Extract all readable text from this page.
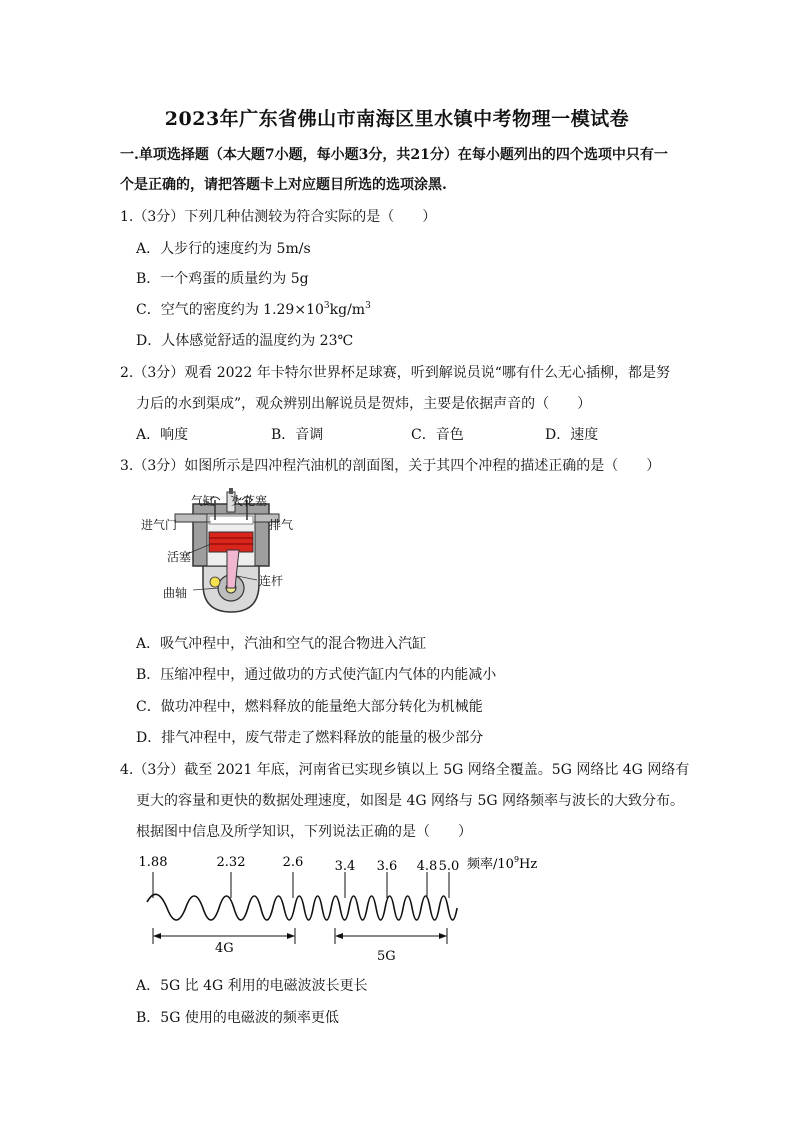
2023年广东省佛山市南海区里水镇中考物理一模试卷
一.单项选择题（本大题7小题，每小题3分，共21分）在每小题列出的四个选项中只有一
个是正确的，请把答题卡上对应题目所选的选项涂黑.
1.（3分）下列几种估测较为符合实际的是（　　）
A．人步行的速度约为 5m/s
B．一个鸡蛋的质量约为 5g
C．空气的密度约为 $1.29\times 10^3kg/m^3$
D．人体感觉舒适的温度约为 23℃
2.（3分）观看 2022 年卡特尔世界杯足球赛，听到解说员说“哪有什么无心插柳，都是努
力后的水到渠成”，观众辨别出解说员是贺炜，主要是依据声音的（　　）
A．响度	B．音调	C．音色	D．速度
3.（3分）如图所示是四冲程汽油机的剖面图，关于其四个冲程的描述正确的是（　　）
气缸 火花塞
进气门	排气
活塞
连杆
曲轴
A．吸气冲程中，汽油和空气的混合物进入汽缸
B．压缩冲程中，通过做功的方式使汽缸内气体的内能减小
C．做功冲程中，燃料释放的能量绝大部分转化为机械能
D．排气冲程中，废气带走了燃料释放的能量的极少部分
4.（3分）截至 2021 年底，河南省已实现乡镇以上 5G 网络全覆盖。5G 网络比 4G 网络有
更大的容量和更快的数据处理速度，如图是 4G 网络与 5G 网络频率与波长的大致分布。
根据图中信息及所学知识，下列说法正确的是（　　）
4G
5G
频率$/10^9Hz$
1.88	2.32	2.6 3.4 3.6 4.8 5.0
A．5G 比 4G 利用的电磁波波长更长
B．5G 使用的电磁波的频率更低
